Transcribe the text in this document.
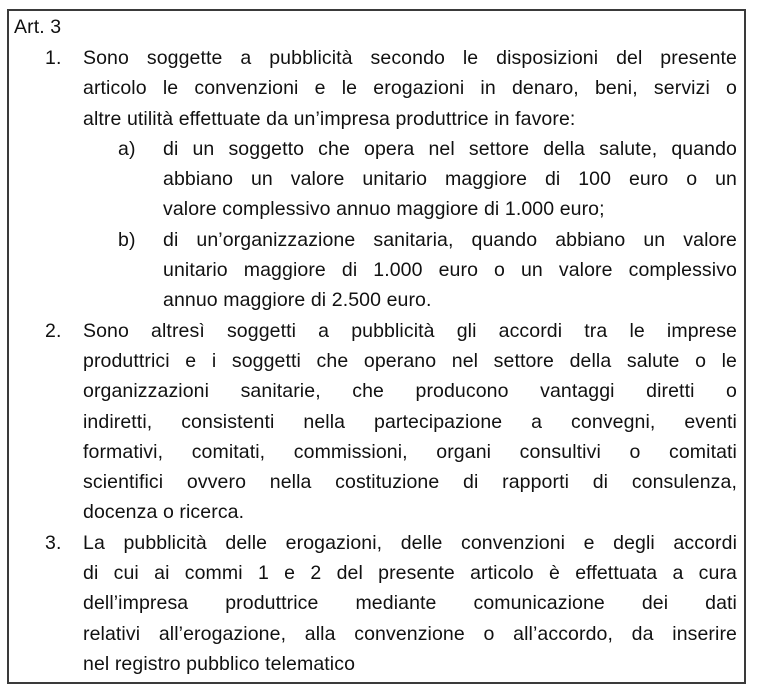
Art. 3
1.	Sono soggette a pubblicità secondo le disposizioni del presente
articolo le convenzioni e le erogazioni in denaro, beni, servizi o
altre utilità effettuate da un’impresa produttrice in favore:
a)	di un soggetto che opera nel settore della salute, quando
abbiano un valore unitario maggiore di 100 euro o un
valore complessivo annuo maggiore di 1.000 euro;
b)	di un’organizzazione sanitaria, quando abbiano un valore
unitario maggiore di 1.000 euro o un valore complessivo
annuo maggiore di 2.500 euro.
2.	Sono altresì soggetti a pubblicità gli accordi tra le imprese
produttrici e i soggetti che operano nel settore della salute o le
organizzazioni sanitarie, che producono vantaggi diretti o
indiretti, consistenti nella partecipazione a convegni, eventi
formativi, comitati, commissioni, organi consultivi o comitati
scientifici ovvero nella costituzione di rapporti di consulenza,
docenza o ricerca.
3.	La pubblicità delle erogazioni, delle convenzioni e degli accordi
di cui ai commi 1 e 2 del presente articolo è effettuata a cura
dell’impresa produttrice mediante comunicazione dei dati
relativi all’erogazione, alla convenzione o all’accordo, da inserire
nel registro pubblico telematico
